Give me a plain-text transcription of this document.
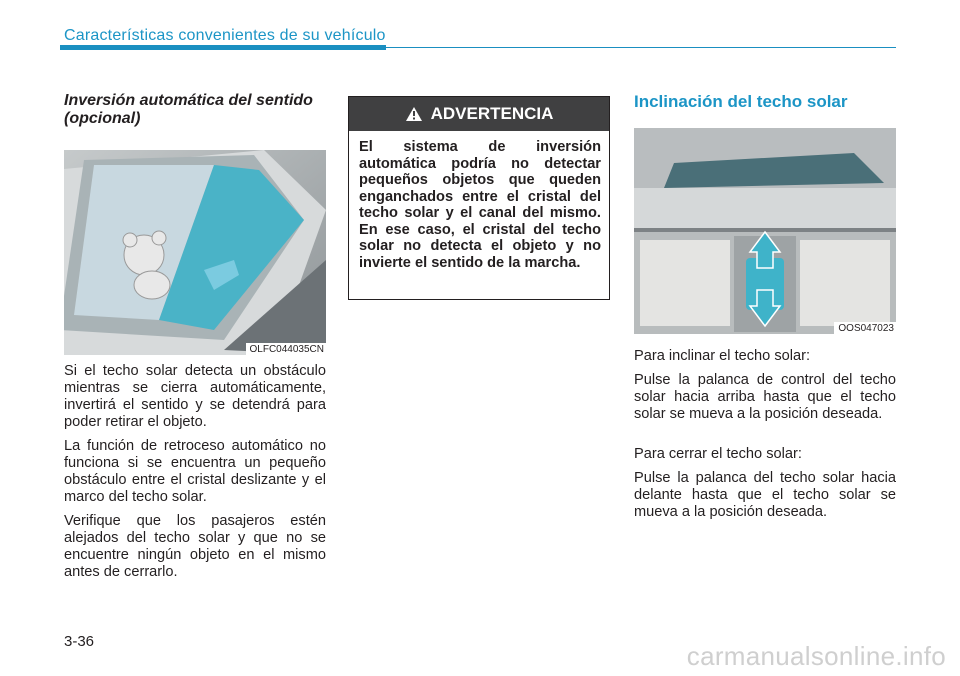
Características convenientes de su vehículo
Inversión automática del sentido (opcional)
OLFC044035CN

Si el techo solar detecta un obstáculo mientras se cierra automáticamente, invertirá el sentido y se detendrá para poder retirar el objeto.

La función de retroceso automático no funciona si se encuentra un pequeño obstáculo entre el cristal deslizante y el marco del techo solar.

Verifique que los pasajeros estén alejados del techo solar y que no se encuentre ningún objeto en el mismo antes de cerrarlo.

ADVERTENCIA
El sistema de inversión automática podría no detectar pequeños objetos que queden enganchados entre el cristal del techo solar y el canal del mismo. En ese caso, el cristal del techo solar no detecta el objeto y no invierte el sentido de la marcha.
Inclinación del techo solar
OOS047023

Para inclinar el techo solar:

Pulse la palanca de control del techo solar hacia arriba hasta que el techo solar se mueva a la posición deseada.

Para cerrar el techo solar:

Pulse la palanca del techo solar hacia delante hasta que el techo solar se mueva a la posición deseada.

3-36	carmanualsonline.info
